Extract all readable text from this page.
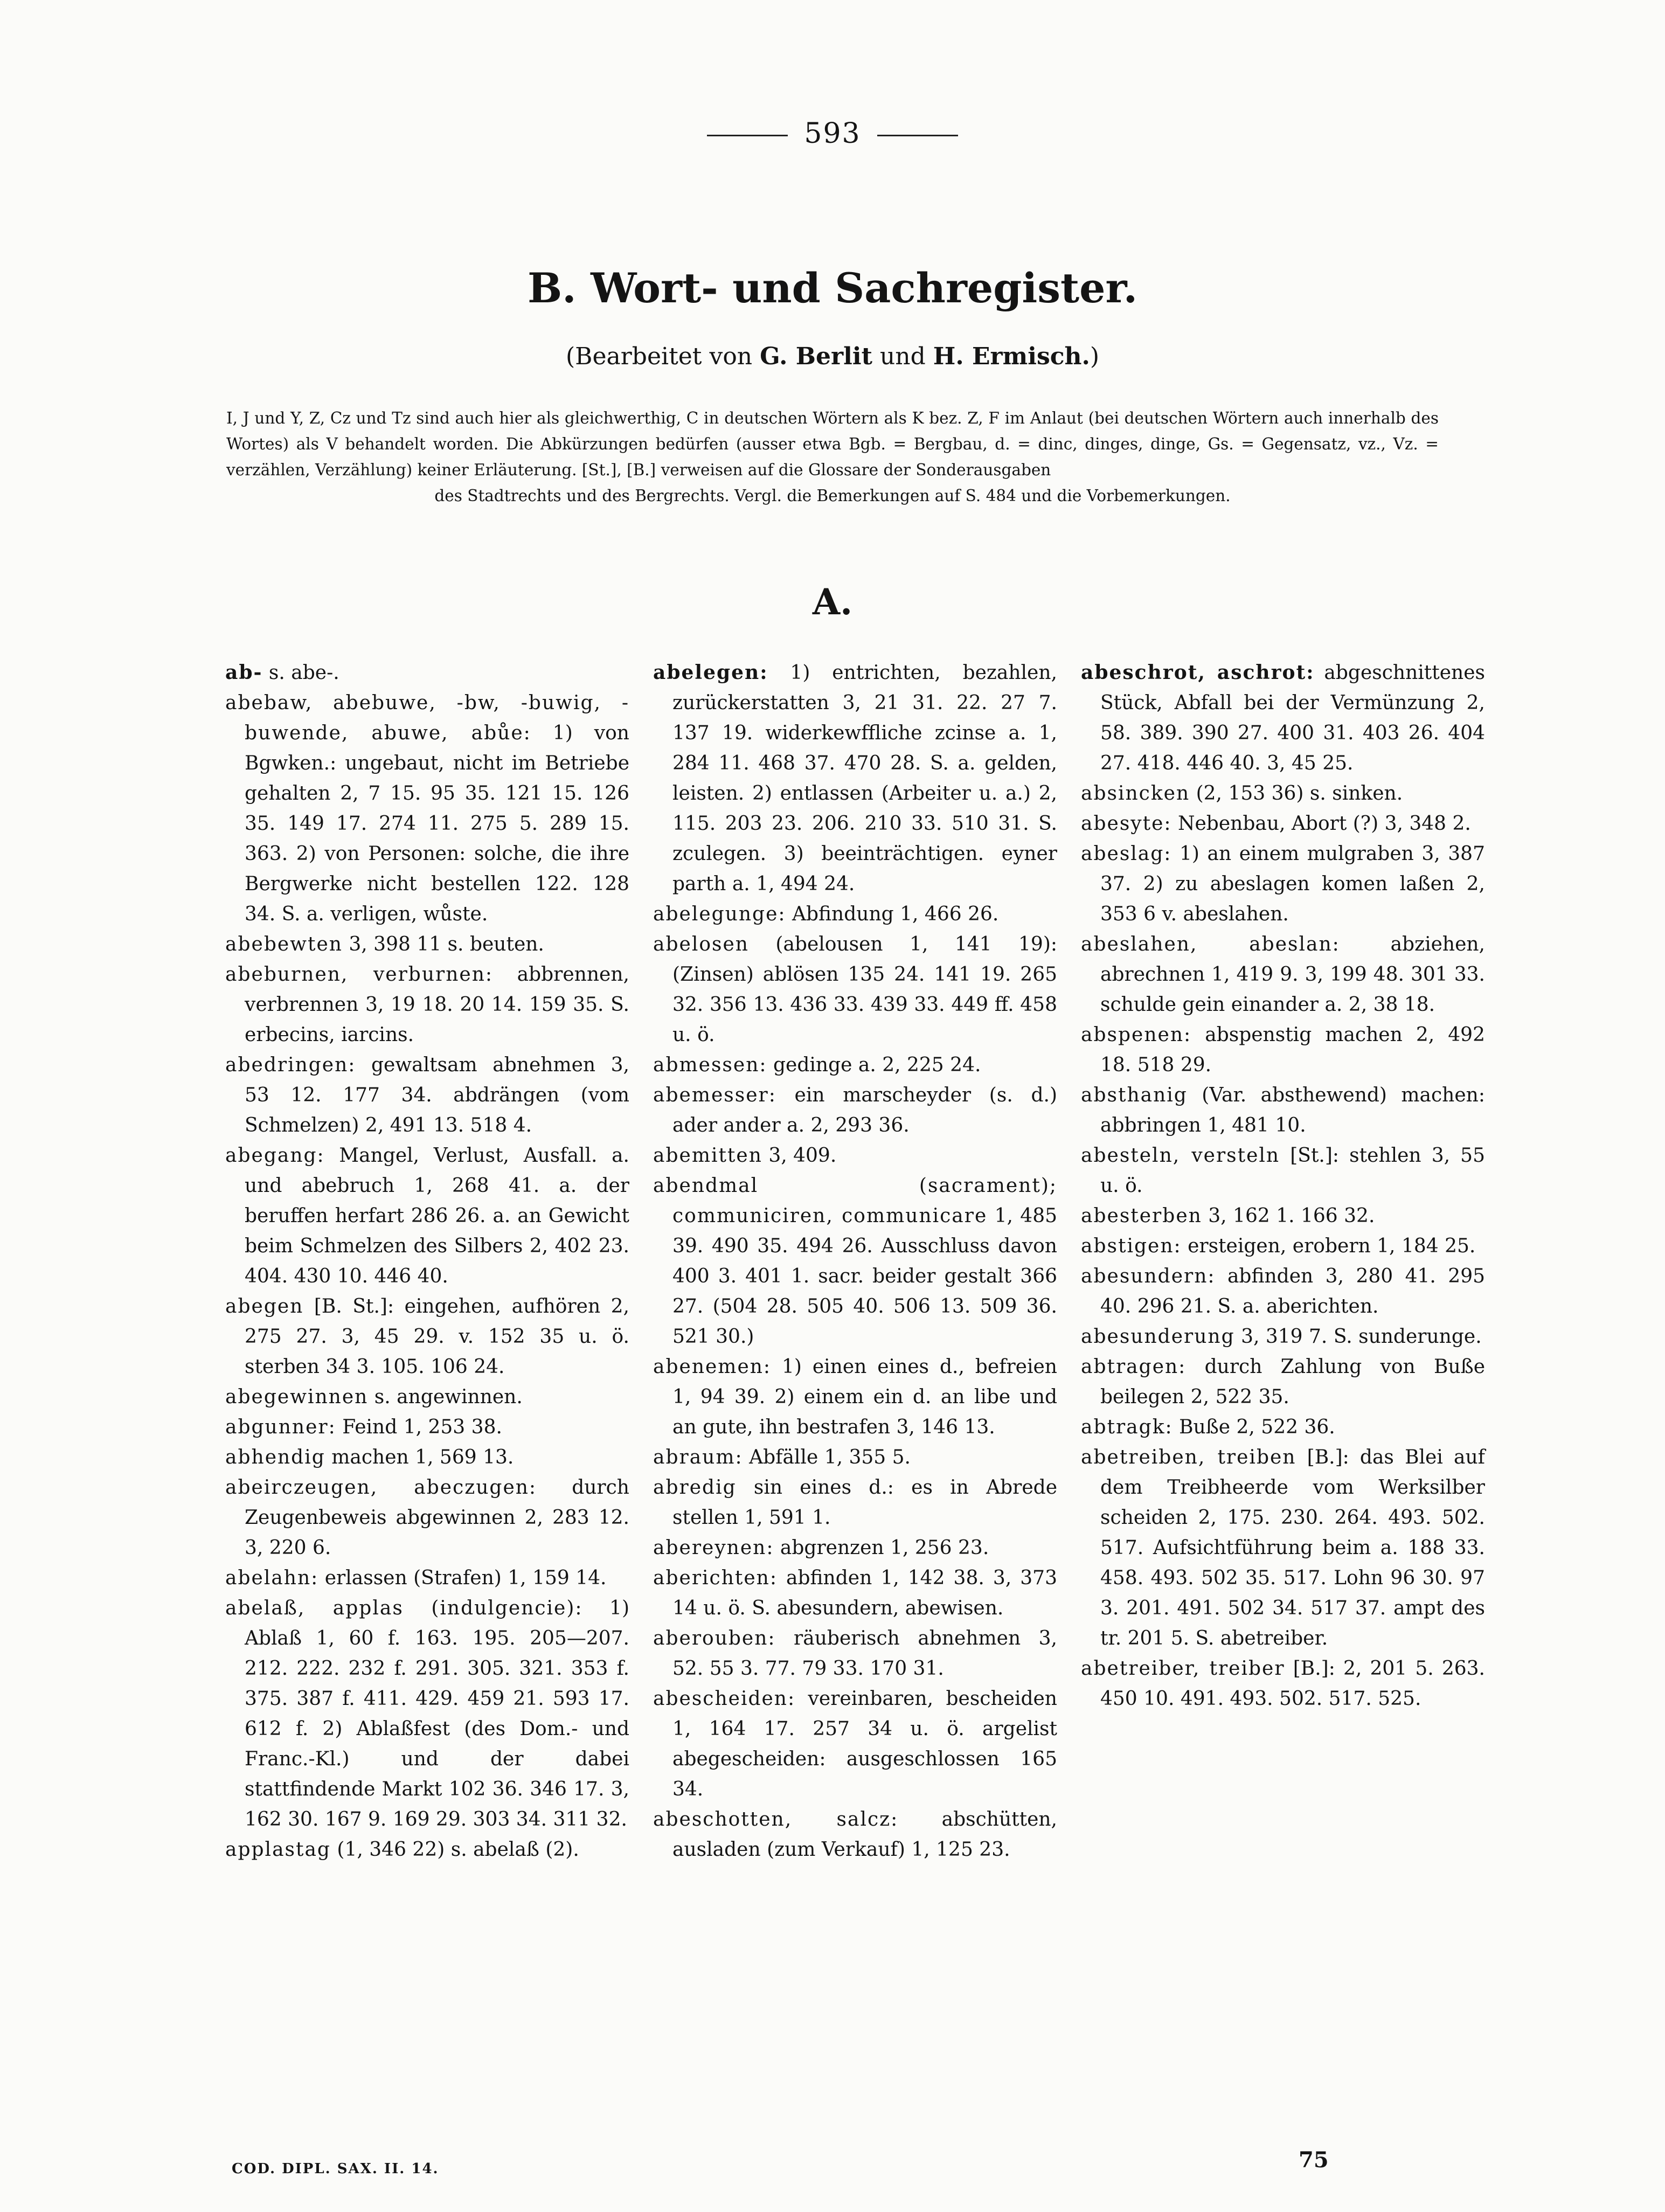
593
B. Wort- und Sachregister.
(Bearbeitet von G. Berlit und H. Ermisch.)
I, J und Y, Z, Cz und Tz sind auch hier als gleichwerthig, C in deutschen Wörtern als K bez. Z, F im Anlaut (bei deutschen Wörtern auch innerhalb des Wortes) als V behandelt worden. Die Abkürzungen bedürfen (ausser etwa Bgb. = Bergbau, d. = dinc, dinges, dinge, Gs. = Gegensatz, vz., Vz. = verzählen, Verzählung) keiner Erläuterung. [St.], [B.] verweisen auf die Glossare der Sonderausgaben
des Stadtrechts und des Bergrechts. Vergl. die Bemerkungen auf S. 484 und die Vorbemerkungen.
A.

ab- s. abe-.

abebaw, abebuwe, -bw, -buwig, -buwende, abuwe, abůe: 1) von Bgwken.: ungebaut, nicht im Betriebe gehalten 2, 7 15. 95 35. 121 15. 126 35. 149 17. 274 11. 275 5. 289 15. 363. 2) von Personen: solche, die ihre Bergwerke nicht bestellen 122. 128 34. S. a. verligen, wůste.

abebewten 3, 398 11 s. beuten.

abeburnen, verburnen: abbrennen, verbrennen 3, 19 18. 20 14. 159 35. S. erbecins, iarcins.

abedringen: gewaltsam abnehmen 3, 53 12. 177 34. abdrängen (vom Schmelzen) 2, 491 13. 518 4.

abegang: Mangel, Verlust, Ausfall. a. und abebruch 1, 268 41. a. der beruffen herfart 286 26. a. an Gewicht beim Schmelzen des Silbers 2, 402 23. 404. 430 10. 446 40.

abegen [B. St.]: eingehen, aufhören 2, 275 27. 3, 45 29. v. 152 35 u. ö. sterben 34 3. 105. 106 24.

abegewinnen s. angewinnen.

abgunner: Feind 1, 253 38.

abhendig machen 1, 569 13.

abeirczeugen, abeczugen: durch Zeugenbeweis abgewinnen 2, 283 12. 3, 220 6.

abelahn: erlassen (Strafen) 1, 159 14.

abelaß, applas (indulgencie): 1) Ablaß 1, 60 f. 163. 195. 205—207. 212. 222. 232 f. 291. 305. 321. 353 f. 375. 387 f. 411. 429. 459 21. 593 17. 612 f. 2) Ablaßfest (des Dom.- und Franc.-Kl.) und der dabei stattfindende Markt 102 36. 346 17. 3, 162 30. 167 9. 169 29. 303 34. 311 32.

applastag (1, 346 22) s. abelaß (2).

abelegen: 1) entrichten, bezahlen, zurückerstatten 3, 21 31. 22. 27 7. 137 19. widerkewffliche zcinse a. 1, 284 11. 468 37. 470 28. S. a. gelden, leisten. 2) entlassen (Arbeiter u. a.) 2, 115. 203 23. 206. 210 33. 510 31. S. zculegen. 3) beeinträchtigen. eyner parth a. 1, 494 24.

abelegunge: Abfindung 1, 466 26.

abelosen (abelousen 1, 141 19): (Zinsen) ablösen 135 24. 141 19. 265 32. 356 13. 436 33. 439 33. 449 ff. 458 u. ö.

abmessen: gedinge a. 2, 225 24.

abemesser: ein marscheyder (s. d.) ader ander a. 2, 293 36.

abemitten 3, 409.

abendmal (sacrament); communiciren, communicare 1, 485 39. 490 35. 494 26. Ausschluss davon 400 3. 401 1. sacr. beider gestalt 366 27. (504 28. 505 40. 506 13. 509 36. 521 30.)

abenemen: 1) einen eines d., befreien 1, 94 39. 2) einem ein d. an libe und an gute, ihn bestrafen 3, 146 13.

abraum: Abfälle 1, 355 5.

abredig sin eines d.: es in Abrede stellen 1, 591 1.

abereynen: abgrenzen 1, 256 23.

aberichten: abfinden 1, 142 38. 3, 373 14 u. ö. S. abesundern, abewisen.

aberouben: räuberisch abnehmen 3, 52. 55 3. 77. 79 33. 170 31.

abescheiden: vereinbaren, bescheiden 1, 164 17. 257 34 u. ö. argelist abegescheiden: ausgeschlossen 165 34.

abeschotten, salcz: abschütten, ausladen (zum Verkauf) 1, 125 23.

abeschrot, aschrot: abgeschnittenes Stück, Abfall bei der Vermünzung 2, 58. 389. 390 27. 400 31. 403 26. 404 27. 418. 446 40. 3, 45 25.

absincken (2, 153 36) s. sinken.

abesyte: Nebenbau, Abort (?) 3, 348 2.

abeslag: 1) an einem mulgraben 3, 387 37. 2) zu abeslagen komen laßen 2, 353 6 v. abeslahen.

abeslahen, abeslan: abziehen, abrechnen 1, 419 9. 3, 199 48. 301 33. schulde gein einander a. 2, 38 18.

abspenen: abspenstig machen 2, 492 18. 518 29.

absthanig (Var. absthewend) machen: abbringen 1, 481 10.

abesteln, versteln [St.]: stehlen 3, 55 u. ö.

abesterben 3, 162 1. 166 32.

abstigen: ersteigen, erobern 1, 184 25.

abesundern: abfinden 3, 280 41. 295 40. 296 21. S. a. aberichten.

abesunderung 3, 319 7. S. sunderunge.

abtragen: durch Zahlung von Buße beilegen 2, 522 35.

abtragk: Buße 2, 522 36.

abetreiben, treiben [B.]: das Blei auf dem Treibheerde vom Werksilber scheiden 2, 175. 230. 264. 493. 502. 517. Aufsichtführung beim a. 188 33. 458. 493. 502 35. 517. Lohn 96 30. 97 3. 201. 491. 502 34. 517 37. ampt des tr. 201 5. S. abetreiber.

abetreiber, treiber [B.]: 2, 201 5. 263. 450 10. 491. 493. 502. 517. 525.

COD. DIPL. SAX. II. 14.	75
